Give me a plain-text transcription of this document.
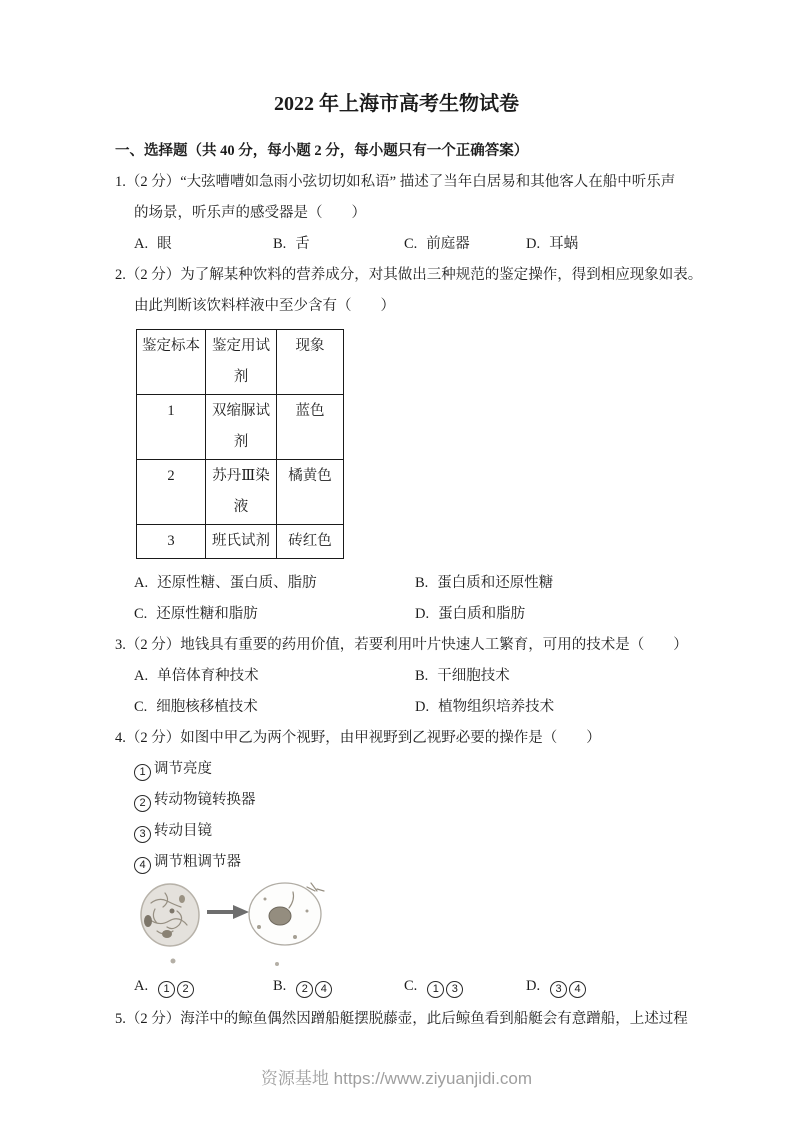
2022 年上海市高考生物试卷
一、选择题（共 40 分，每小题 2 分，每小题只有一个正确答案）
1.（2 分）“大弦嘈嘈如急雨小弦切切如私语” 描述了当年白居易和其他客人在船中听乐声
的场景，听乐声的感受器是（　　）
A. 眼	B. 舌	C. 前庭器	D. 耳蜗
2.（2 分）为了解某种饮料的营养成分，对其做出三种规范的鉴定操作，得到相应现象如表。
由此判断该饮料样液中至少含有（　　）
鉴定标本	鉴定用试剂	现象
1	双缩脲试剂	蓝色
2	苏丹Ⅲ染液	橘黄色
3	班氏试剂	砖红色
A. 还原性糖、蛋白质、脂肪	B. 蛋白质和还原性糖
C. 还原性糖和脂肪	D. 蛋白质和脂肪
3.（2 分）地钱具有重要的药用价值，若要利用叶片快速人工繁育，可用的技术是（　　）
A. 单倍体育种技术	B. 干细胞技术
C. 细胞核移植技术	D. 植物组织培养技术
4.（2 分）如图中甲乙为两个视野，由甲视野到乙视野必要的操作是（　　）
1 调节亮度
2 转动物镜转换器
3 转动目镜
4 调节粗调节器
A. 1 2	B. 2 4	C. 1 3	D. 3 4
5.（2 分）海洋中的鲸鱼偶然因蹭船艇摆脱藤壶，此后鲸鱼看到船艇会有意蹭船，上述过程
资源基地 https://www.ziyuanjidi.com
